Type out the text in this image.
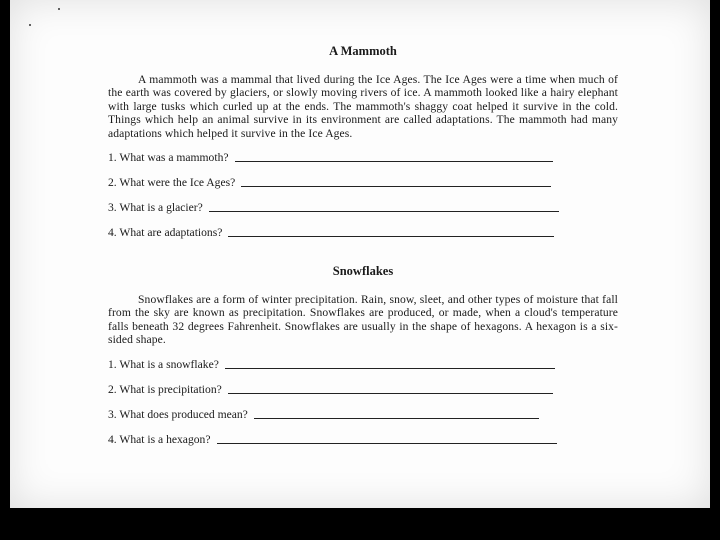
A Mammoth

A mammoth was a mammal that lived during the Ice Ages. The Ice Ages were a time when much of the earth was covered by glaciers, or slowly moving rivers of ice. A mammoth looked like a hairy elephant with large tusks which curled up at the ends. The mammoth's shaggy coat helped it survive in the cold. Things which help an animal survive in its environment are called adaptations. The mammoth had many adaptations which helped it survive in the Ice Ages.

1. What was a mammoth?
2. What were the Ice Ages?
3. What is a glacier?
4. What are adaptations?
Snowflakes

Snowflakes are a form of winter precipitation. Rain, snow, sleet, and other types of moisture that fall from the sky are known as precipitation. Snowflakes are produced, or made, when a cloud's temperature falls beneath 32 degrees Fahrenheit. Snowflakes are usually in the shape of hexagons. A hexagon is a six-sided shape.

1. What is a snowflake?
2. What is precipitation?
3. What does produced mean?
4. What is a hexagon?
